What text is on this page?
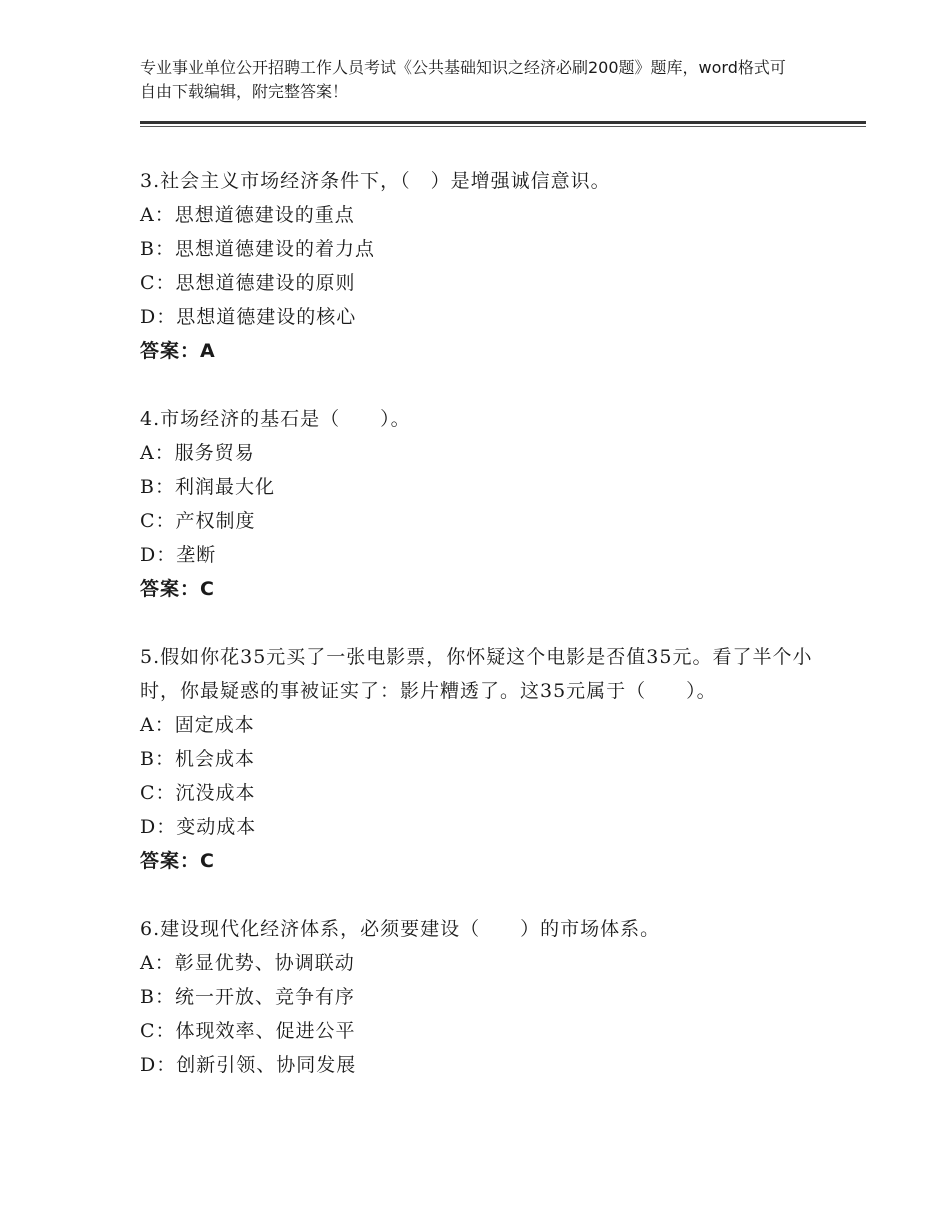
专业事业单位公开招聘工作人员考试《公共基础知识之经济必刷200题》题库，word格式可自由下载编辑，附完整答案！

3.社会主义市场经济条件下，（　）是增强诚信意识。

A：思想道德建设的重点

B：思想道德建设的着力点

C：思想道德建设的原则

D：思想道德建设的核心

答案：A

4.市场经济的基石是（　　）。

A：服务贸易

B：利润最大化

C：产权制度

D：垄断

答案：C

5.假如你花35元买了一张电影票，你怀疑这个电影是否值35元。看了半个小时，你最疑惑的事被证实了：影片糟透了。这35元属于（　　）。

A：固定成本

B：机会成本

C：沉没成本

D：变动成本

答案：C

6.建设现代化经济体系，必须要建设（　　）的市场体系。

A：彰显优势、协调联动

B：统一开放、竞争有序

C：体现效率、促进公平

D：创新引领、协同发展
